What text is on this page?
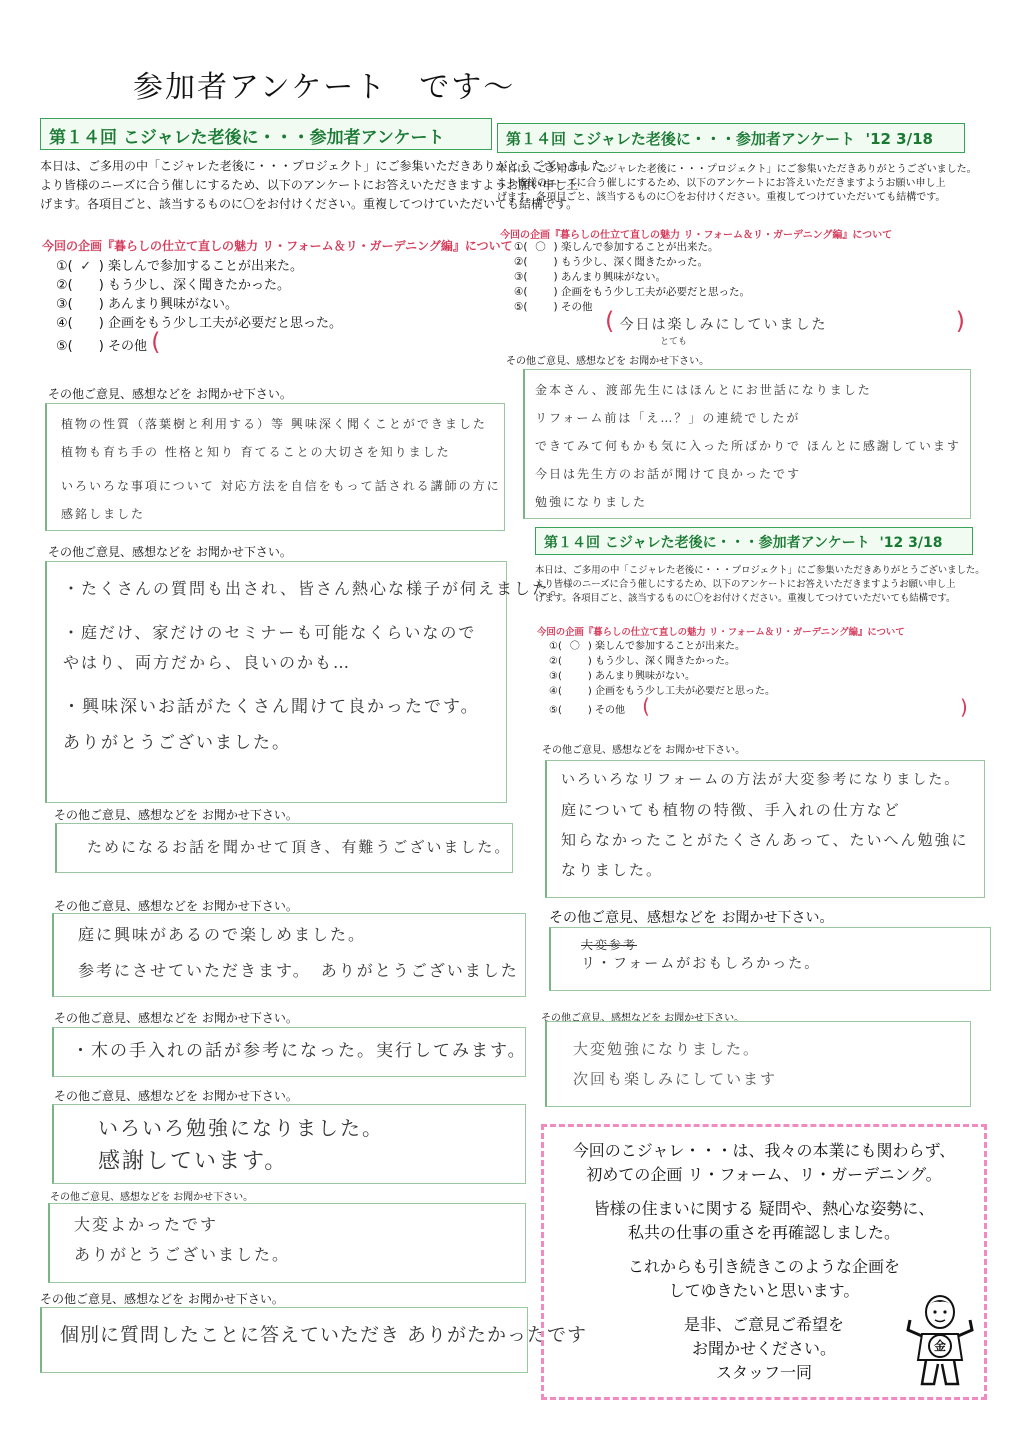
参加者アンケート　です～
第１４回 こジャレた老後に・・・参加者アンケート
本日は、ご多用の中「こジャレた老後に・・・プロジェクト」にご参集いただきありがとうございました。
より皆様のニーズに合う催しにするため、以下のアンケートにお答えいただきますようお願い申し上
げます。各項目ごと、該当するものに〇をお付けください。重複してつけていただいても結構です。
今回の企画『暮らしの仕立て直しの魅力 リ・フォーム＆リ・ガーデニング編』について
①( ✓ ) 楽しんで参加することが出来た。
②( ) もう少し、深く聞きたかった。
③( ) あんまり興味がない。
④( ) 企画をもう少し工夫が必要だと思った。
⑤( ) その他 (
その他ご意見、感想などを お聞かせ下さい。
植物の性質（落葉樹と利用する）等 興味深く聞くことができました
植物も育ち手の 性格と知り 育てることの大切さを知りました
いろいろな事項について 対応方法を自信をもって話される講師の方に
感銘しました
第１４回 こジャレた老後に・・・参加者アンケート '12 3/18
本日は、ご多用の中「こジャレた老後に・・・プロジェクト」にご参集いただきありがとうございました。
より皆様のニーズに合う催しにするため、以下のアンケートにお答えいただきますようお願い申し上
げます。各項目ごと、該当するものに〇をお付けください。重複してつけていただいても結構です。
今回の企画『暮らしの仕立て直しの魅力 リ・フォーム＆リ・ガーデニング編』について
①( 〇 ) 楽しんで参加することが出来た。
②( ) もう少し、深く聞きたかった。
③( ) あんまり興味がない。
④( ) 企画をもう少し工夫が必要だと思った。
⑤( ) その他 ( 今日は楽しみにしていました	)
とても
その他ご意見、感想などを お聞かせ下さい。
金本さん、渡部先生にはほんとにお世話になりました
リフォーム前は「え…？」の連続でしたが
できてみて何もかも気に入った所ばかりで ほんとに感謝しています
今日は先生方のお話が聞けて良かったです
勉強になりました
第１４回 こジャレた老後に・・・参加者アンケート '12 3/18
本日は、ご多用の中「こジャレた老後に・・・プロジェクト」にご参集いただきありがとうございました。
より皆様のニーズに合う催しにするため、以下のアンケートにお答えいただきますようお願い申し上
げます。各項目ごと、該当するものに〇をお付けください。重複してつけていただいても結構です。
今回の企画『暮らしの仕立て直しの魅力 リ・フォーム＆リ・ガーデニング編』について
①( 〇 ) 楽しんで参加することが出来た。
②(	) もう少し、深く聞きたかった。
③(	) あんまり興味がない。
④(	) 企画をもう少し工夫が必要だと思った。
⑤(	) その他 (	)
その他ご意見、感想などを お聞かせ下さい。
いろいろなリフォームの方法が大変参考になりました。
庭についても植物の特徴、手入れの仕方など
知らなかったことがたくさんあって、たいへん勉強に
なりました。
その他ご意見、感想などを お聞かせ下さい。
・たくさんの質問も出され、皆さん熱心な様子が伺えました。
・庭だけ、家だけのセミナーも可能なくらいなので
やはり、両方だから、良いのかも…
・興味深いお話がたくさん聞けて良かったです。
ありがとうございました。
その他ご意見、感想などを お聞かせ下さい。
ためになるお話を聞かせて頂き、有難うございました。
その他ご意見、感想などを お聞かせ下さい。
庭に興味があるので楽しめました。
参考にさせていただきます。　ありがとうございました
その他ご意見、感想などを お聞かせ下さい。
・木の手入れの話が参考になった。実行してみます。
その他ご意見、感想などを お聞かせ下さい。
いろいろ勉強になりました。
感謝しています。
その他ご意見、感想などを お聞かせ下さい。
大変よかったです
ありがとうございました。
その他ご意見、感想などを お聞かせ下さい。
個別に質問したことに答えていただき ありがたかったです
その他ご意見、感想などを お聞かせ下さい。
大変参考
リ・フォームがおもしろかった。
その他ご意見、感想などを お聞かせ下さい。
大変勉強になりました。
次回も楽しみにしています
今回のこジャレ・・・は、我々の本業にも関わらず、
初めての企画 リ・フォーム、リ・ガーデニング。
皆様の住まいに関する 疑問や、熱心な姿勢に、
私共の仕事の重さを再確認しました。
これからも引き続きこのような企画を
してゆきたいと思います。
是非、ご意見ご希望を
お聞かせください。
スタッフ一同
金
